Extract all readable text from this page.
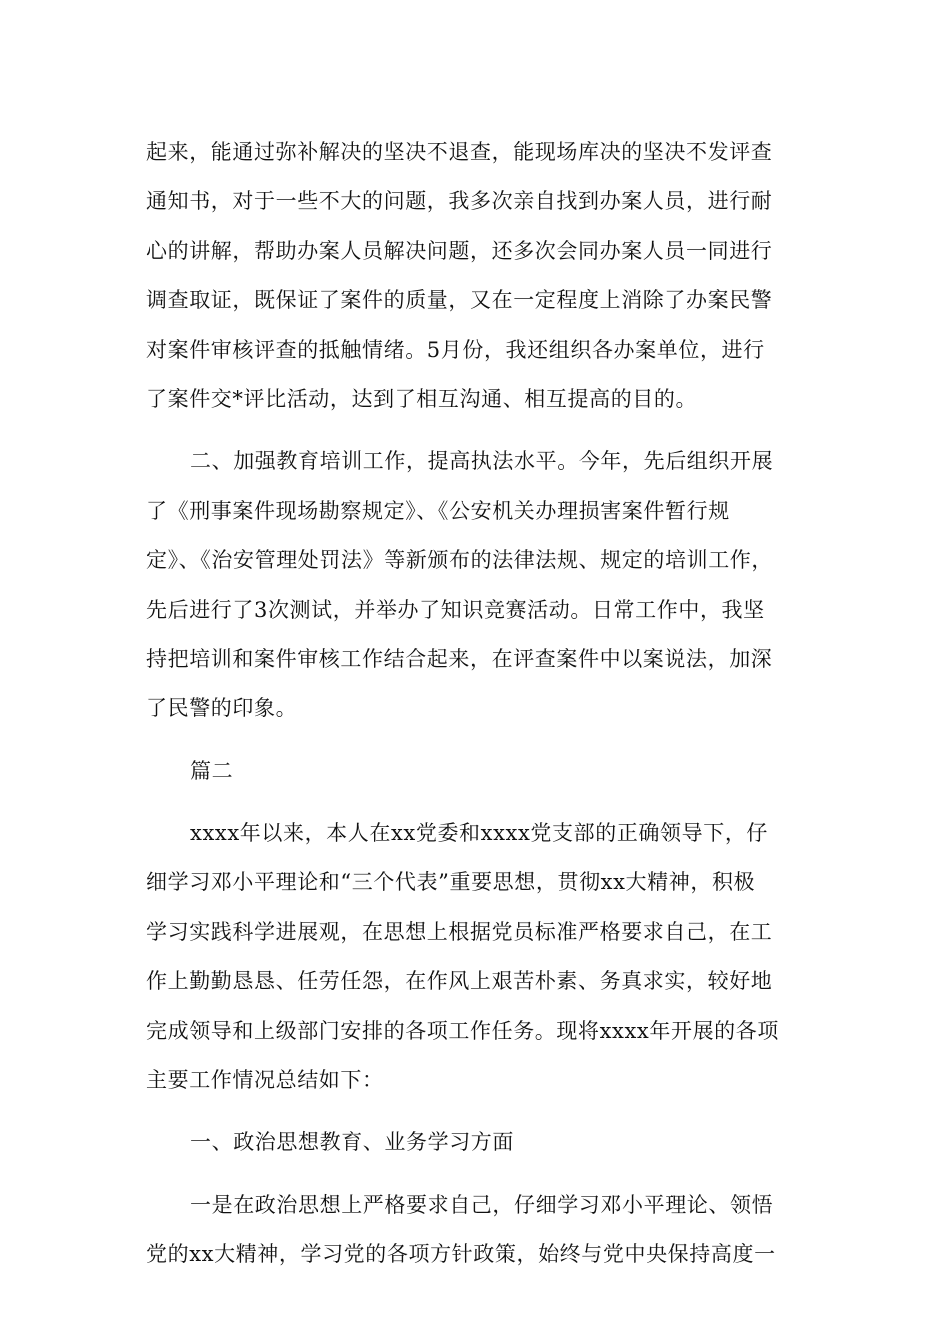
起来，能通过弥补解决的坚决不退查，能现场库决的坚决不发评查
通知书，对于一些不大的问题，我多次亲自找到办案人员，进行耐
心的讲解，帮助办案人员解决问题，还多次会同办案人员一同进行
调查取证，既保证了案件的质量，又在一定程度上消除了办案民警
对案件审核评查的抵触情绪。5月份，我还组织各办案单位，进行
了案件交*评比活动，达到了相互沟通、相互提高的目的。
二、加强教育培训工作，提高执法水平。今年，先后组织开展
了《刑事案件现场勘察规定》、《公安机关办理损害案件暂行规
定》、《治安管理处罚法》等新颁布的法律法规、规定的培训工作，
先后进行了3次测试，并举办了知识竞赛活动。日常工作中，我坚
持把培训和案件审核工作结合起来，在评查案件中以案说法，加深
了民警的印象。
篇二
xxxx年以来，本人在xx党委和xxxx党支部的正确领导下，仔
细学习邓小平理论和“三个代表”重要思想，贯彻xx大精神，积极
学习实践科学进展观，在思想上根据党员标准严格要求自己，在工
作上勤勤恳恳、任劳任怨，在作风上艰苦朴素、务真求实，较好地
完成领导和上级部门安排的各项工作任务。现将xxxx年开展的各项
主要工作情况总结如下：
一、政治思想教育、业务学习方面
一是在政治思想上严格要求自己，仔细学习邓小平理论、领悟
党的xx大精神，学习党的各项方针政策，始终与党中央保持高度一
